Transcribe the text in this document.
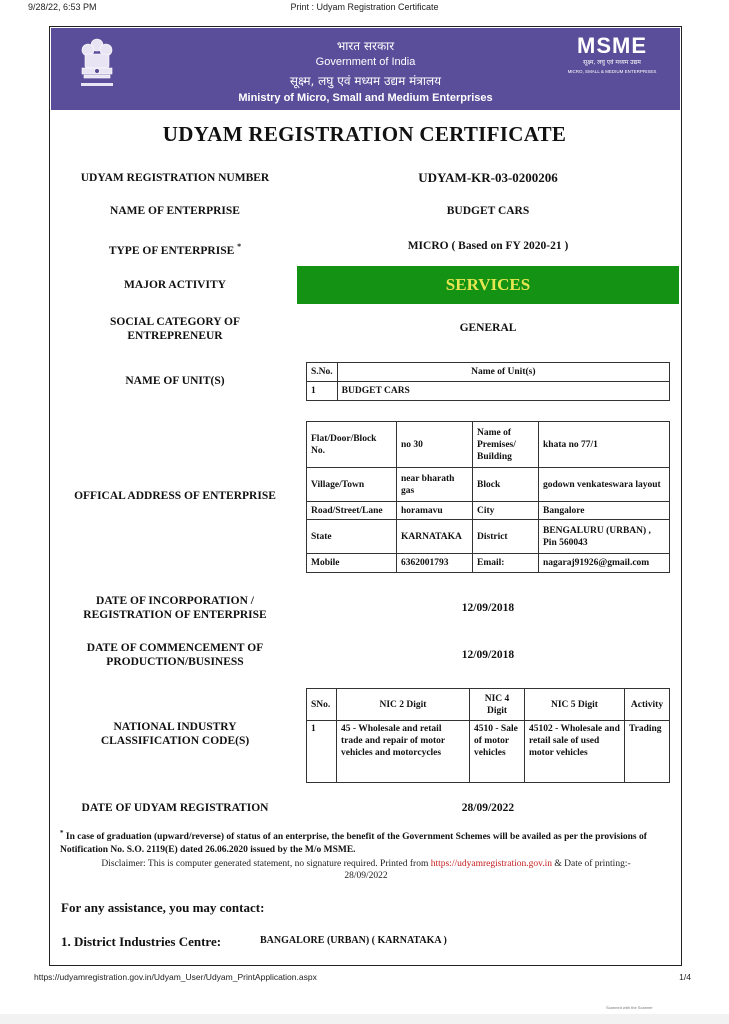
9/28/22, 6:53 PM	Print : Udyam Registration Certificate
भारत सरकार
Government of India
सूक्ष्म, लघु एवं मध्यम उद्यम मंत्रालय
Ministry of Micro, Small and Medium Enterprises
MSME
सूक्ष्म, लघु एवं मध्यम उद्यम
MICRO, SMALL & MEDIUM ENTERPRISES
UDYAM REGISTRATION CERTIFICATE
UDYAM REGISTRATION NUMBER	UDYAM-KR-03-0200206
NAME OF ENTERPRISE	BUDGET CARS
TYPE OF ENTERPRISE *	MICRO ( Based on FY 2020-21 )
MAJOR ACTIVITY	SERVICES
SOCIAL CATEGORY OF
ENTREPRENEUR
GENERAL
NAME OF UNIT(S)
S.No.	Name of Unit(s)
1	BUDGET CARS
OFFICAL ADDRESS OF ENTERPRISE
Flat/Door/Block No.	no 30	Name of Premises/ Building	khata no 77/1
Village/Town	near bharath gas	Block	godown venkateswara layout
Road/Street/Lane	horamavu	City	Bangalore
State	KARNATAKA	District	BENGALURU (URBAN) , Pin 560043
Mobile	6362001793	Email:	nagaraj91926@gmail.com
DATE OF INCORPORATION /
REGISTRATION OF ENTERPRISE
12/09/2018
DATE OF COMMENCEMENT OF
PRODUCTION/BUSINESS
12/09/2018
NATIONAL INDUSTRY
CLASSIFICATION CODE(S)
SNo.	NIC 2 Digit	NIC 4 Digit	NIC 5 Digit	Activity
1	45 - Wholesale and retail trade and repair of motor vehicles and motorcycles	4510 - Sale of motor vehicles	45102 - Wholesale and retail sale of used motor vehicles	Trading
DATE OF UDYAM REGISTRATION	28/09/2022
* In case of graduation (upward/reverse) of status of an enterprise, the benefit of the Government Schemes will be availed as per the provisions of Notification No. S.O. 2119(E) dated 26.06.2020 issued by the M/o MSME.
Disclaimer: This is computer generated statement, no signature required. Printed from https://udyamregistration.gov.in & Date of printing:-
28/09/2022
For any assistance, you may contact:
1. District Industries Centre:	BANGALORE (URBAN) ( KARNATAKA )
https://udyamregistration.gov.in/Udyam_User/Udyam_PrintApplication.aspx	1/4
Scanned with the Scanner
